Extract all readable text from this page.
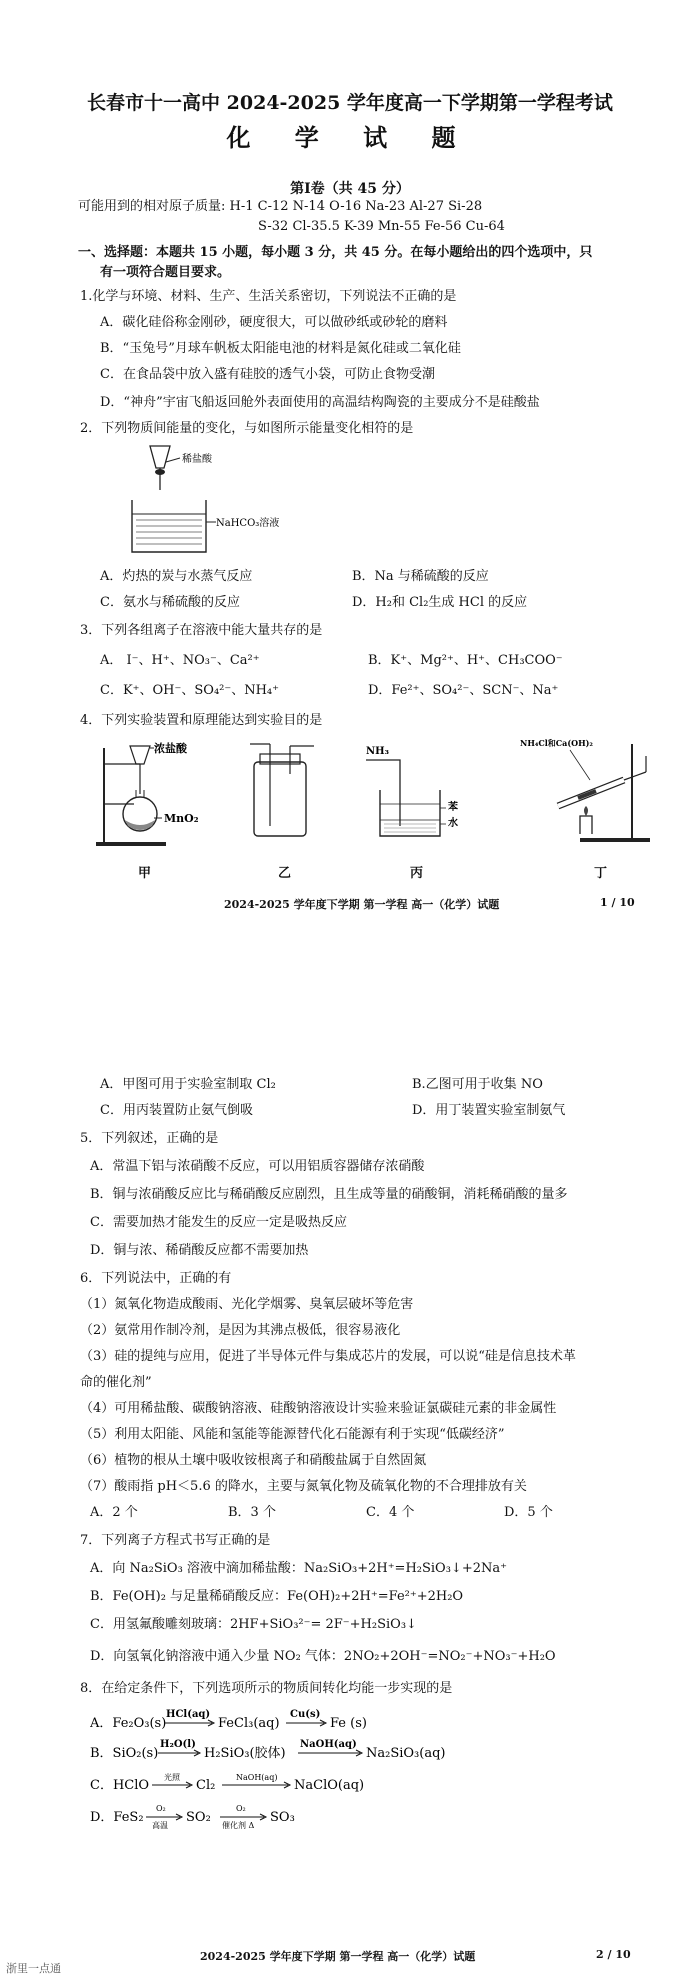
长春市十一高中 2024-2025 学年度高一下学期第一学程考试
化 学 试 题
第Ⅰ卷（共 45 分）
可能用到的相对原子质量: H-1 C-12 N-14 O-16 Na-23 Al-27 Si-28
S-32 Cl-35.5 K-39 Mn-55 Fe-56 Cu-64
一、选择题：本题共 15 小题，每小题 3 分，共 45 分。在每小题给出的四个选项中，只
有一项符合题目要求。
1.化学与环境、材料、生产、生活关系密切，下列说法不正确的是
A．碳化硅俗称金刚砂，硬度很大，可以做砂纸或砂轮的磨料
B．“玉兔号”月球车帆板太阳能电池的材料是氮化硅或二氧化硅
C．在食品袋中放入盛有硅胶的透气小袋，可防止食物受潮
D．“神舟”宇宙飞船返回舱外表面使用的高温结构陶瓷的主要成分不是硅酸盐
2．下列物质间能量的变化，与如图所示能量变化相符的是
稀盐酸
NaHCO₃溶液
A．灼热的炭与水蒸气反应	B．Na 与稀硫酸的反应
C．氨水与稀硫酸的反应	D．H₂和 Cl₂生成 HCl 的反应
3．下列各组离子在溶液中能大量共存的是
A． I⁻、H⁺、NO₃⁻、Ca²⁺	B．K⁺、Mg²⁺、H⁺、CH₃COO⁻
C．K⁺、OH⁻、SO₄²⁻、NH₄⁺	D．Fe²⁺、SO₄²⁻、SCN⁻、Na⁺
4．下列实验装置和原理能达到实验目的是
浓盐酸
MnO₂
NH₃
苯
水
NH₄Cl和Ca(OH)₂
甲	乙	丙	丁
2024-2025 学年度下学期 第一学程 高一（化学）试题	1 / 10
A．甲图可用于实验室制取 Cl₂	B.乙图可用于收集 NO
C．用丙装置防止氨气倒吸	D．用丁装置实验室制氨气
5．下列叙述，正确的是
A．常温下铝与浓硝酸不反应，可以用铝质容器储存浓硝酸
B．铜与浓硝酸反应比与稀硝酸反应剧烈，且生成等量的硝酸铜，消耗稀硝酸的量多
C．需要加热才能发生的反应一定是吸热反应
D．铜与浓、稀硝酸反应都不需要加热
6．下列说法中，正确的有
（1）氮氧化物造成酸雨、光化学烟雾、臭氧层破坏等危害
（2）氨常用作制冷剂，是因为其沸点极低，很容易液化
（3）硅的提纯与应用，促进了半导体元件与集成芯片的发展，可以说“硅是信息技术革
命的催化剂”
（4）可用稀盐酸、碳酸钠溶液、硅酸钠溶液设计实验来验证氯碳硅元素的非金属性
（5）利用太阳能、风能和氢能等能源替代化石能源有利于实现“低碳经济”
（6）植物的根从土壤中吸收铵根离子和硝酸盐属于自然固氮
（7）酸雨指 pH＜5.6 的降水，主要与氮氧化物及硫氧化物的不合理排放有关
A．2 个	B．3 个	C．4 个	D．5 个
7．下列离子方程式书写正确的是
A．向 Na₂SiO₃ 溶液中滴加稀盐酸：Na₂SiO₃+2H⁺=H₂SiO₃↓+2Na⁺
B．Fe(OH)₂ 与足量稀硝酸反应：Fe(OH)₂+2H⁺=Fe²⁺+2H₂O
C．用氢氟酸雕刻玻璃：2HF+SiO₃²⁻= 2F⁻+H₂SiO₃↓
D．向氢氧化钠溶液中通入少量 NO₂ 气体：2NO₂+2OH⁻=NO₂⁻+NO₃⁻+H₂O
8．在给定条件下，下列选项所示的物质间转化均能一步实现的是
A．Fe₂O₃(s)
HCl(aq)
FeCl₃(aq)
Cu(s)
Fe (s)
B．SiO₂(s)
H₂O(l)
H₂SiO₃(胶体)
NaOH(aq)
Na₂SiO₃(aq)
C．HClO
光照
Cl₂
NaOH(aq)
NaClO(aq)
D．FeS₂
O₂
高温
SO₂
O₂
催化剂 Δ
SO₃
2024-2025 学年度下学期 第一学程 高一（化学）试题	2 / 10
浙里一点通
